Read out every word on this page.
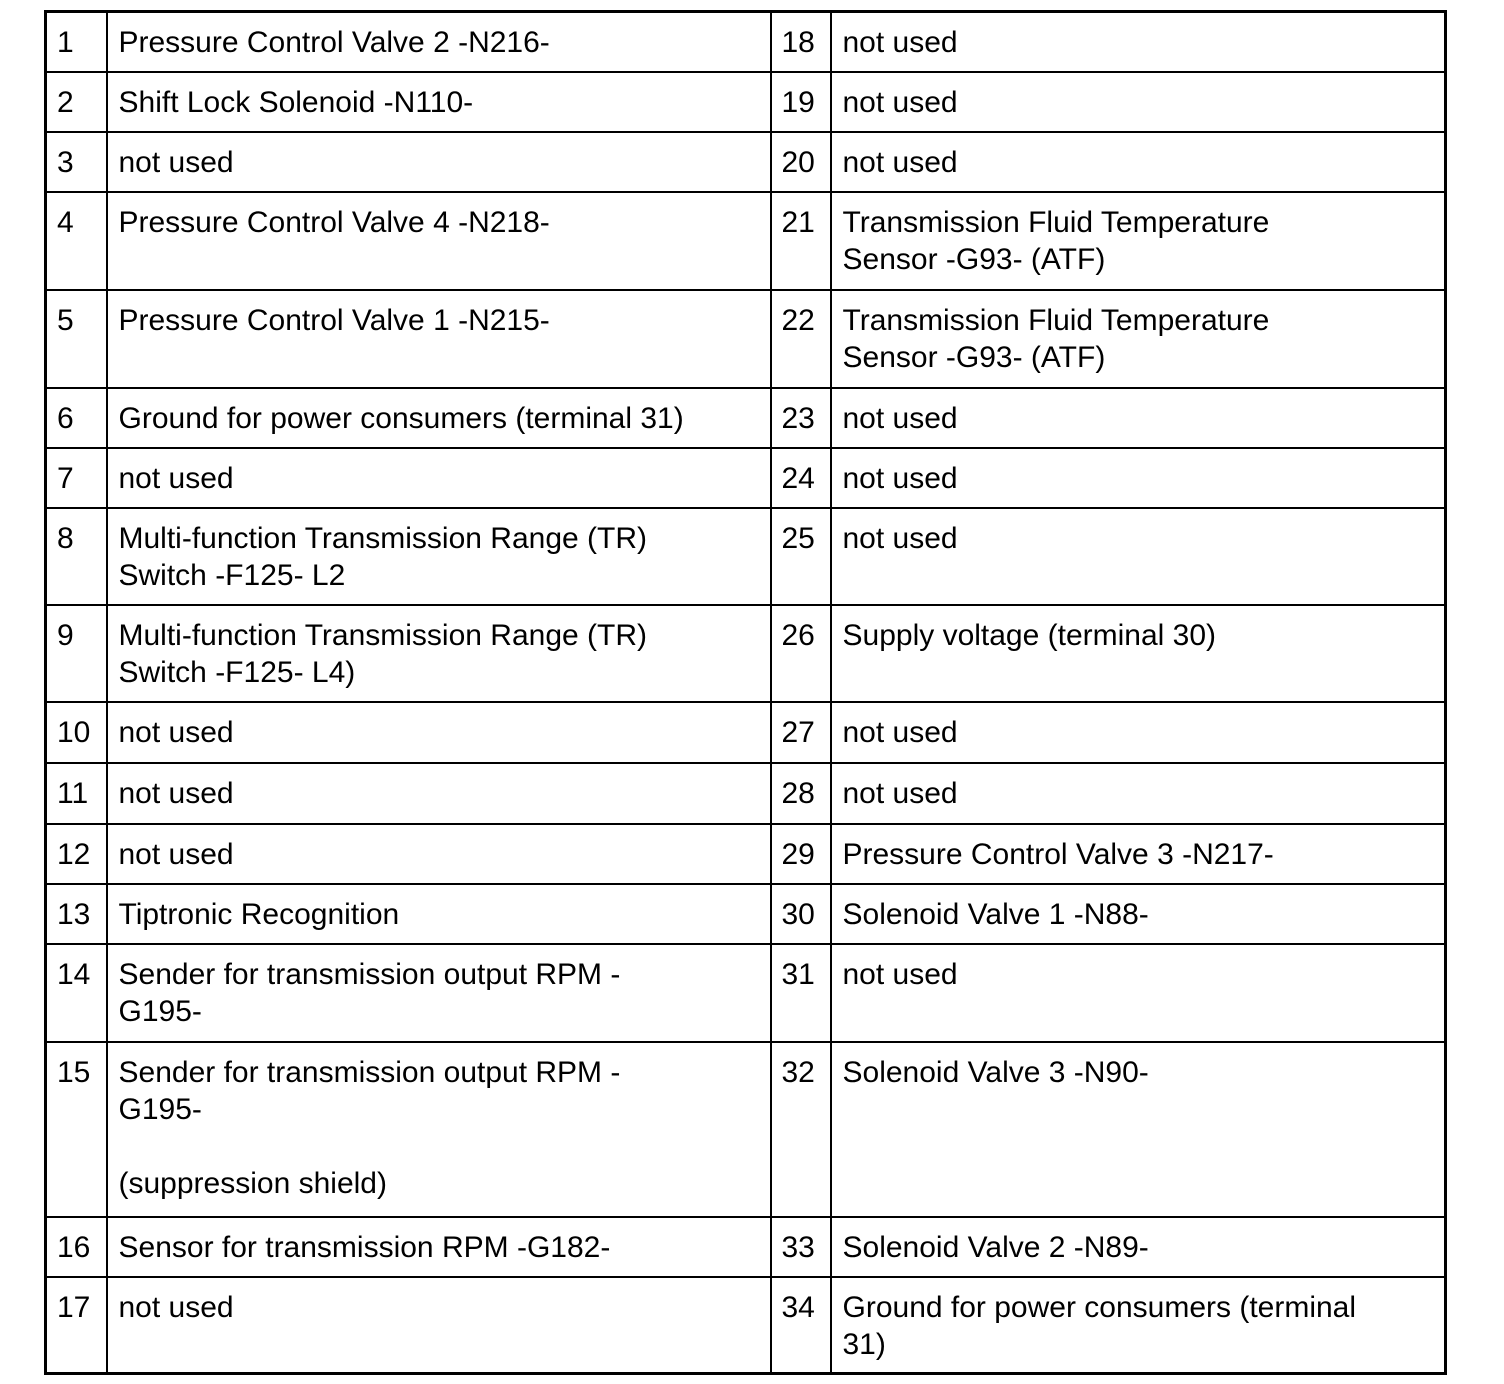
1	Pressure Control Valve 2 -N216-	18	not used
2	Shift Lock Solenoid -N110-	19	not used
3	not used	20	not used
4	Pressure Control Valve 4 -N218-	21	Transmission Fluid Temperature
Sensor -G93- (ATF)
5	Pressure Control Valve 1 -N215-	22	Transmission Fluid Temperature
Sensor -G93- (ATF)
6	Ground for power consumers (terminal 31)	23	not used
7	not used	24	not used
8	Multi-function Transmission Range (TR)
Switch -F125- L2	25	not used
9	Multi-function Transmission Range (TR)
Switch -F125- L4)	26	Supply voltage (terminal 30)
10	not used	27	not used
11	not used	28	not used
12	not used	29	Pressure Control Valve 3 -N217-
13	Tiptronic Recognition	30	Solenoid Valve 1 -N88-
14	Sender for transmission output RPM -
G195-	31	not used
15	Sender for transmission output RPM -
G195-

(suppression shield)	32	Solenoid Valve 3 -N90-
16	Sensor for transmission RPM -G182-	33	Solenoid Valve 2 -N89-
17	not used	34	Ground for power consumers (terminal
31)
